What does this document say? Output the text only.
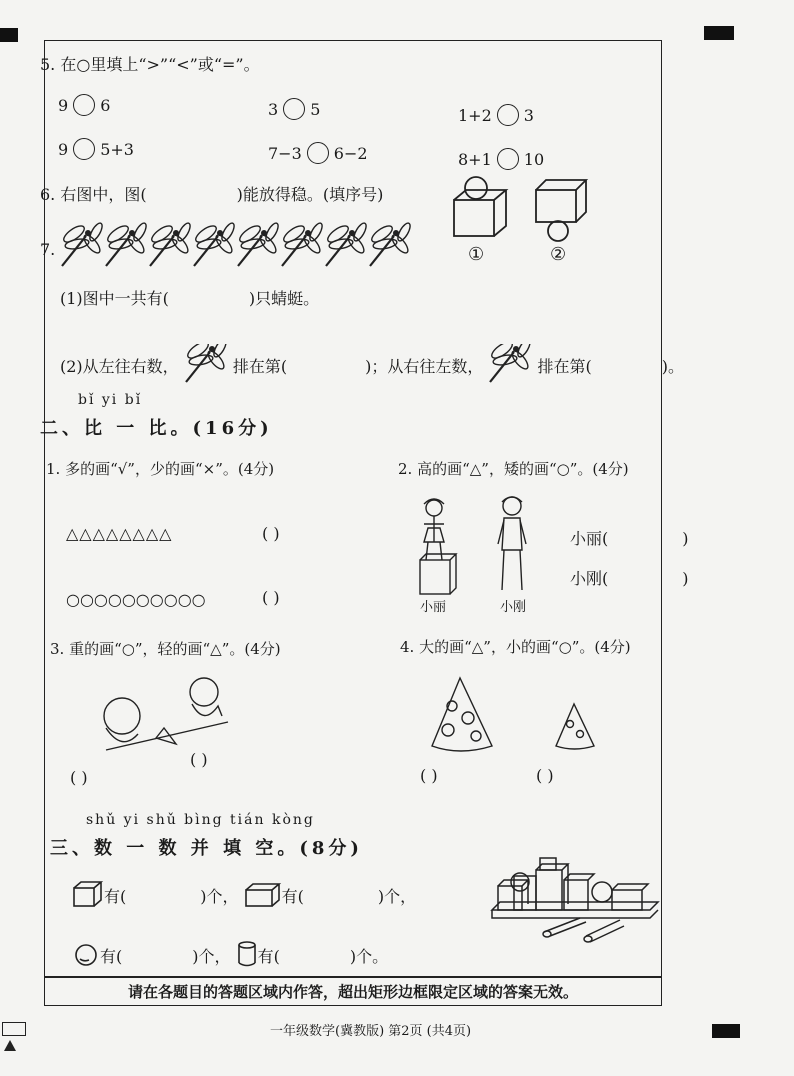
5. 在○里填上“>”“<”或“=”。
9 6	3 5	1+2 3
9 5+3	7−3 6−2	8+1 10
6. 右图中，图(	)能放得稳。(填序号)
①	②
7.
(1)图中一共有(	)只蜻蜓。
(2)从左往右数，	排在第(	)；从右往左数，	排在第(	)。
bǐ yi bǐ
二、比 一 比。(16分)
1. 多的画“√”，少的画“×”。(4分)
△△△△△△△△	( )
○○○○○○○○○○	( )
2. 高的画“△”，矮的画“○”。(4分)
小丽	小刚
小丽(	)
小刚(	)
3. 重的画“○”，轻的画“△”。(4分)
( )
( )
4. 大的画“△”，小的画“○”。(4分)
( )	( )
shǔ yi shǔ bìng tián kòng
三、数 一 数 并 填 空。(8分)
有(	)个，	有(	)个，
有(	)个， 有(	)个。
请在各题目的答题区域内作答，超出矩形边框限定区域的答案无效。
一年级数学(冀教版) 第2页 (共4页)
